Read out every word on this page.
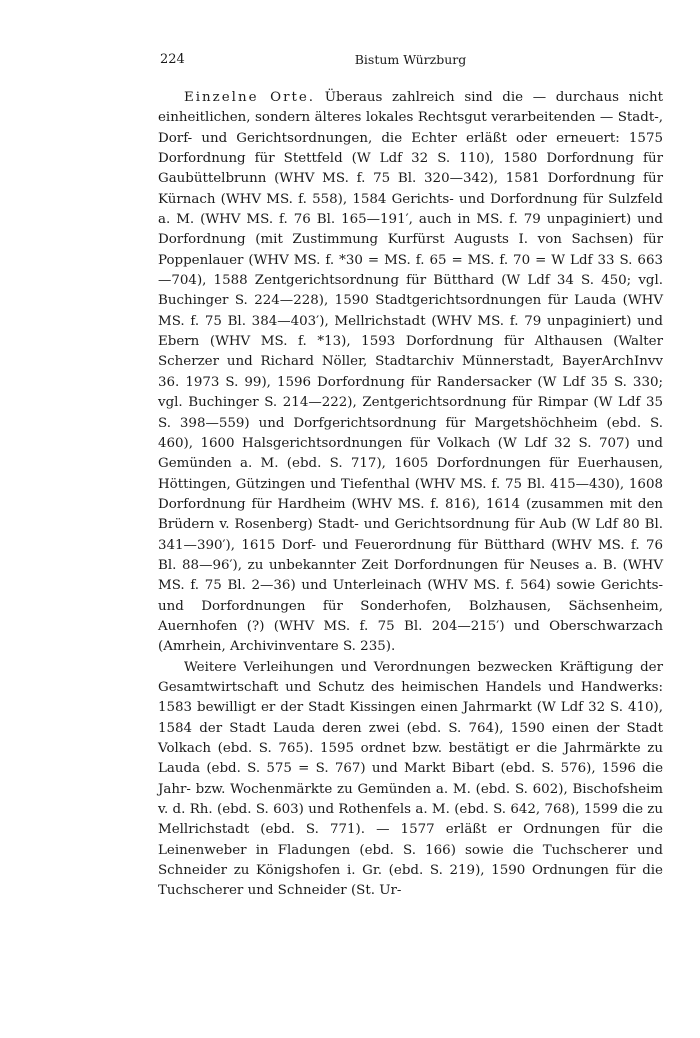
224	Bistum Würzburg

Einzelne Orte. Überaus zahlreich sind die — durchaus nicht einheitlichen, sondern älteres lokales Rechtsgut verarbeitenden — Stadt-, Dorf- und Gerichtsordnungen, die Echter erläßt oder erneuert: 1575 Dorfordnung für Stettfeld (W Ldf 32 S. 110), 1580 Dorfordnung für Gaubüttelbrunn (WHV MS. f. 75 Bl. 320—342), 1581 Dorfordnung für Kürnach (WHV MS. f. 558), 1584 Gerichts- und Dorfordnung für Sulzfeld a. M. (WHV MS. f. 76 Bl. 165—191′, auch in MS. f. 79 unpaginiert) und Dorfordnung (mit Zustimmung Kurfürst Augusts I. von Sachsen) für Poppenlauer (WHV MS. f. *30 = MS. f. 65 = MS. f. 70 = W Ldf 33 S. 663—704), 1588 Zentgerichtsordnung für Bütthard (W Ldf 34 S. 450; vgl. Buchinger S. 224—228), 1590 Stadtgerichtsordnungen für Lauda (WHV MS. f. 75 Bl. 384—403′), Mellrichstadt (WHV MS. f. 79 unpaginiert) und Ebern (WHV MS. f. *13), 1593 Dorfordnung für Althausen (Walter Scherzer und Richard Nöller, Stadtarchiv Münnerstadt, BayerArchInvv 36. 1973 S. 99), 1596 Dorfordnung für Randersacker (W Ldf 35 S. 330; vgl. Buchinger S. 214—222), Zentgerichtsordnung für Rimpar (W Ldf 35 S. 398—559) und Dorfgerichtsordnung für Margetshöchheim (ebd. S. 460), 1600 Halsgerichtsordnungen für Volkach (W Ldf 32 S. 707) und Gemünden a. M. (ebd. S. 717), 1605 Dorfordnungen für Euerhausen, Höttingen, Gützingen und Tiefenthal (WHV MS. f. 75 Bl. 415—430), 1608 Dorfordnung für Hardheim (WHV MS. f. 816), 1614 (zusammen mit den Brüdern v. Rosenberg) Stadt- und Gerichtsordnung für Aub (W Ldf 80 Bl. 341—390′), 1615 Dorf- und Feuerordnung für Bütthard (WHV MS. f. 76 Bl. 88—96′), zu unbekannter Zeit Dorfordnungen für Neuses a. B. (WHV MS. f. 75 Bl. 2—36) und Unterleinach (WHV MS. f. 564) sowie Gerichts- und Dorfordnungen für Sonderhofen, Bolzhausen, Sächsenheim, Auernhofen (?) (WHV MS. f. 75 Bl. 204—215′) und Oberschwarzach (Amrhein, Archivinventare S. 235).

Weitere Verleihungen und Verordnungen bezwecken Kräftigung der Gesamtwirtschaft und Schutz des heimischen Handels und Handwerks: 1583 bewilligt er der Stadt Kissingen einen Jahrmarkt (W Ldf 32 S. 410), 1584 der Stadt Lauda deren zwei (ebd. S. 764), 1590 einen der Stadt Volkach (ebd. S. 765). 1595 ordnet bzw. bestätigt er die Jahrmärkte zu Lauda (ebd. S. 575 = S. 767) und Markt Bibart (ebd. S. 576), 1596 die Jahr- bzw. Wochenmärkte zu Gemünden a. M. (ebd. S. 602), Bischofsheim v. d. Rh. (ebd. S. 603) und Rothenfels a. M. (ebd. S. 642, 768), 1599 die zu Mellrichstadt (ebd. S. 771). — 1577 erläßt er Ordnungen für die Leinenweber in Fladungen (ebd. S. 166) sowie die Tuchscherer und Schneider zu Königshofen i. Gr. (ebd. S. 219), 1590 Ordnungen für die Tuchscherer und Schneider (St. Ur-
